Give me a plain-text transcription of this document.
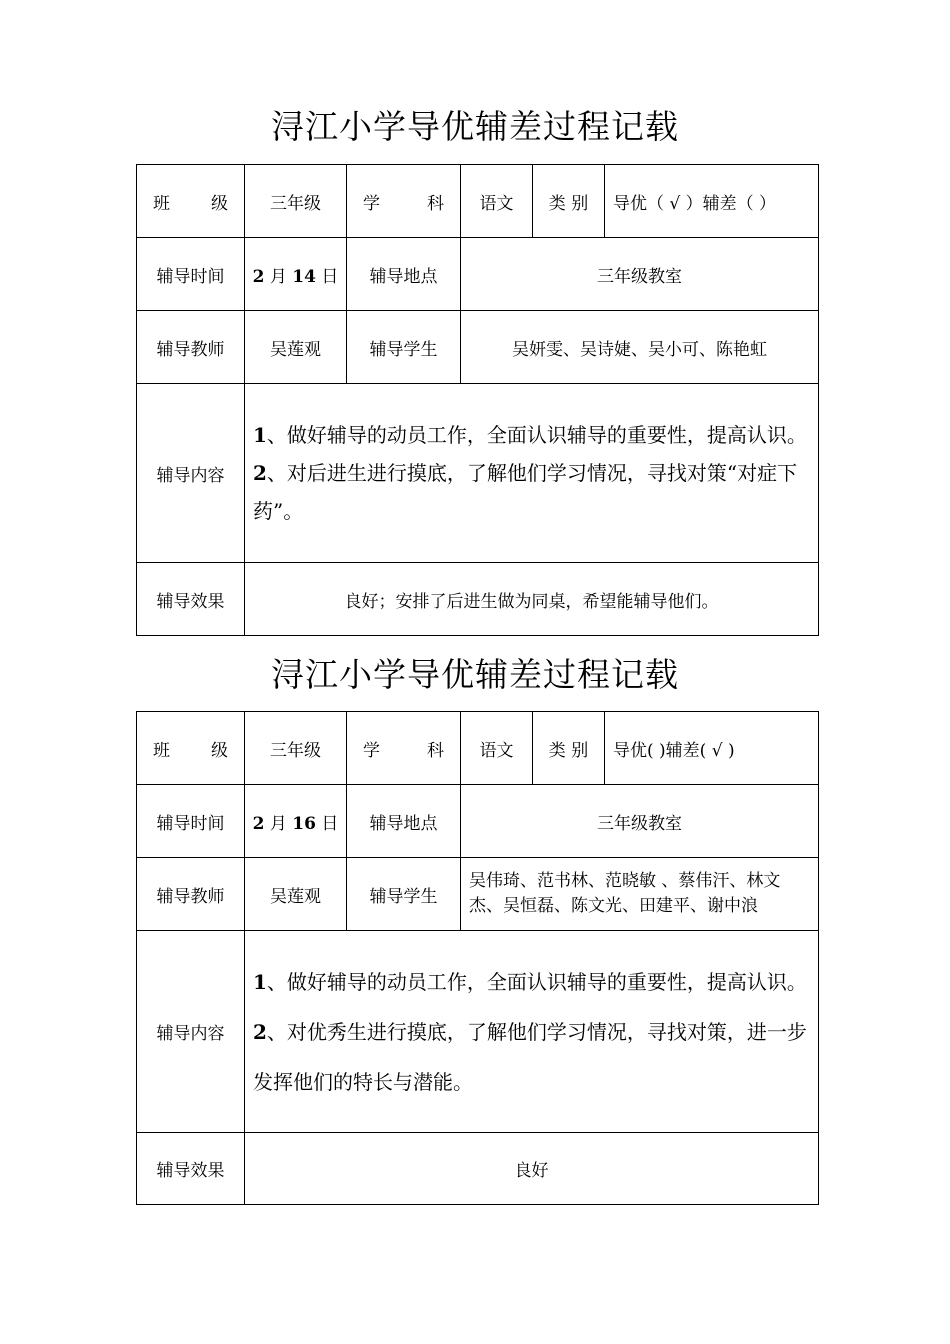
浔江小学导优辅差过程记载
班 级	三年级	学 科	语文	类 别	导优（ √ ）辅差（ ）
辅导时间	2 月 14 日	辅导地点	三年级教室		
辅导教师	吴莲观	辅导学生	吴妍雯、吴诗婕、吴小可、陈艳虹		
辅导内容	1、做好辅导的动员工作，全面认识辅导的重要性，提高认识。

2、对后进生进行摸底，了解他们学习情况，寻找对策“对症下药”。				

辅导效果	良好；安排了后进生做为同桌，希望能辅导他们。				
浔江小学导优辅差过程记载
班 级	三年级	学 科	语文	类 别	导优( )辅差( √ )
辅导时间	2 月 16 日	辅导地点	三年级教室		
辅导教师	吴莲观	辅导学生	吴伟琦、范书林、范晓敏 、蔡伟汗、林文杰、吴恒磊、陈文光、田建平、谢中浪		
辅导内容	1、做好辅导的动员工作，全面认识辅导的重要性，提高认识。

2、对优秀生进行摸底，了解他们学习情况，寻找对策，进一步发挥他们的特长与潜能。				

辅导效果	良好				
